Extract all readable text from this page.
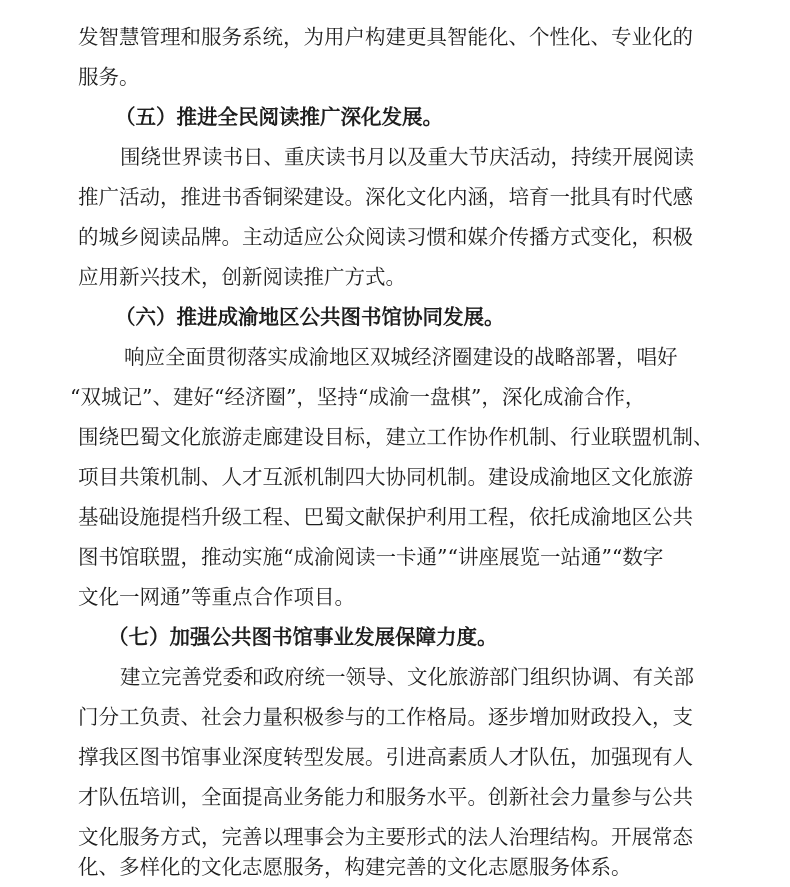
发智慧管理和服务系统，为用户构建更具智能化、个性化、专业化的
服务。
（五）推进全民阅读推广深化发展。
围绕世界读书日、重庆读书月以及重大节庆活动，持续开展阅读
推广活动，推进书香铜梁建设。深化文化内涵，培育一批具有时代感
的城乡阅读品牌。主动适应公众阅读习惯和媒介传播方式变化，积极
应用新兴技术，创新阅读推广方式。
（六）推进成渝地区公共图书馆协同发展。
响应全面贯彻落实成渝地区双城经济圈建设的战略部署，唱好
“双城记”、建好“经济圈”，坚持“成渝一盘棋”，深化成渝合作，
围绕巴蜀文化旅游走廊建设目标，建立工作协作机制、行业联盟机制、
项目共策机制、人才互派机制四大协同机制。建设成渝地区文化旅游
基础设施提档升级工程、巴蜀文献保护利用工程，依托成渝地区公共
图书馆联盟，推动实施“成渝阅读一卡通”“讲座展览一站通”“数字
文化一网通”等重点合作项目。
（七）加强公共图书馆事业发展保障力度。
建立完善党委和政府统一领导、文化旅游部门组织协调、有关部
门分工负责、社会力量积极参与的工作格局。逐步增加财政投入，支
撑我区图书馆事业深度转型发展。引进高素质人才队伍，加强现有人
才队伍培训，全面提高业务能力和服务水平。创新社会力量参与公共
文化服务方式，完善以理事会为主要形式的法人治理结构。开展常态
化、多样化的文化志愿服务，构建完善的文化志愿服务体系。
